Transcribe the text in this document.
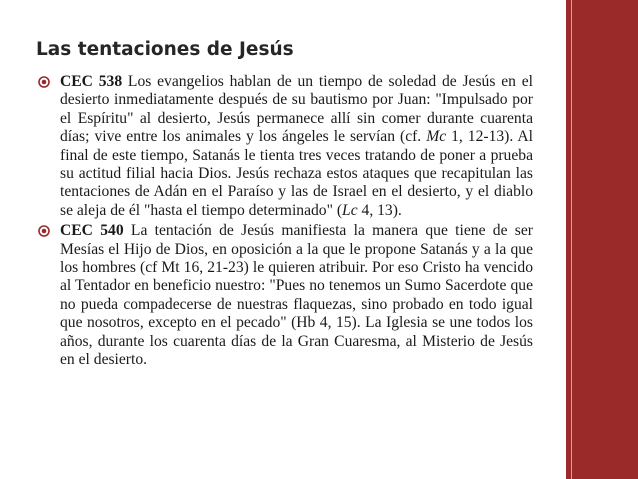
Las tentaciones de Jesús
CEC 538 Los evangelios hablan de un tiempo de soledad de Jesús en el desierto inmediatamente después de su bautismo por Juan: "Impulsado por el Espíritu" al desierto, Jesús permanece allí sin comer durante cuarenta días; vive entre los animales y los ángeles le servían (cf. Mc 1, 12-13). Al final de este tiempo, Satanás le tienta tres veces tratando de poner a prueba su actitud filial hacia Dios. Jesús rechaza estos ataques que recapitulan las tentaciones de Adán en el Paraíso y las de Israel en el desierto, y el diablo se aleja de él "hasta el tiempo determinado" (Lc 4, 13).
CEC 540 La tentación de Jesús manifiesta la manera que tiene de ser Mesías el Hijo de Dios, en oposición a la que le propone Satanás y a la que los hombres (cf Mt 16, 21-23) le quieren atribuir. Por eso Cristo ha vencido al Tentador en beneficio nuestro: "Pues no tenemos un Sumo Sacerdote que no pueda compadecerse de nuestras flaquezas, sino probado en todo igual que nosotros, excepto en el pecado" (Hb 4, 15). La Iglesia se une todos los años, durante los cuarenta días de la Gran Cuaresma, al Misterio de Jesús en el desierto.
